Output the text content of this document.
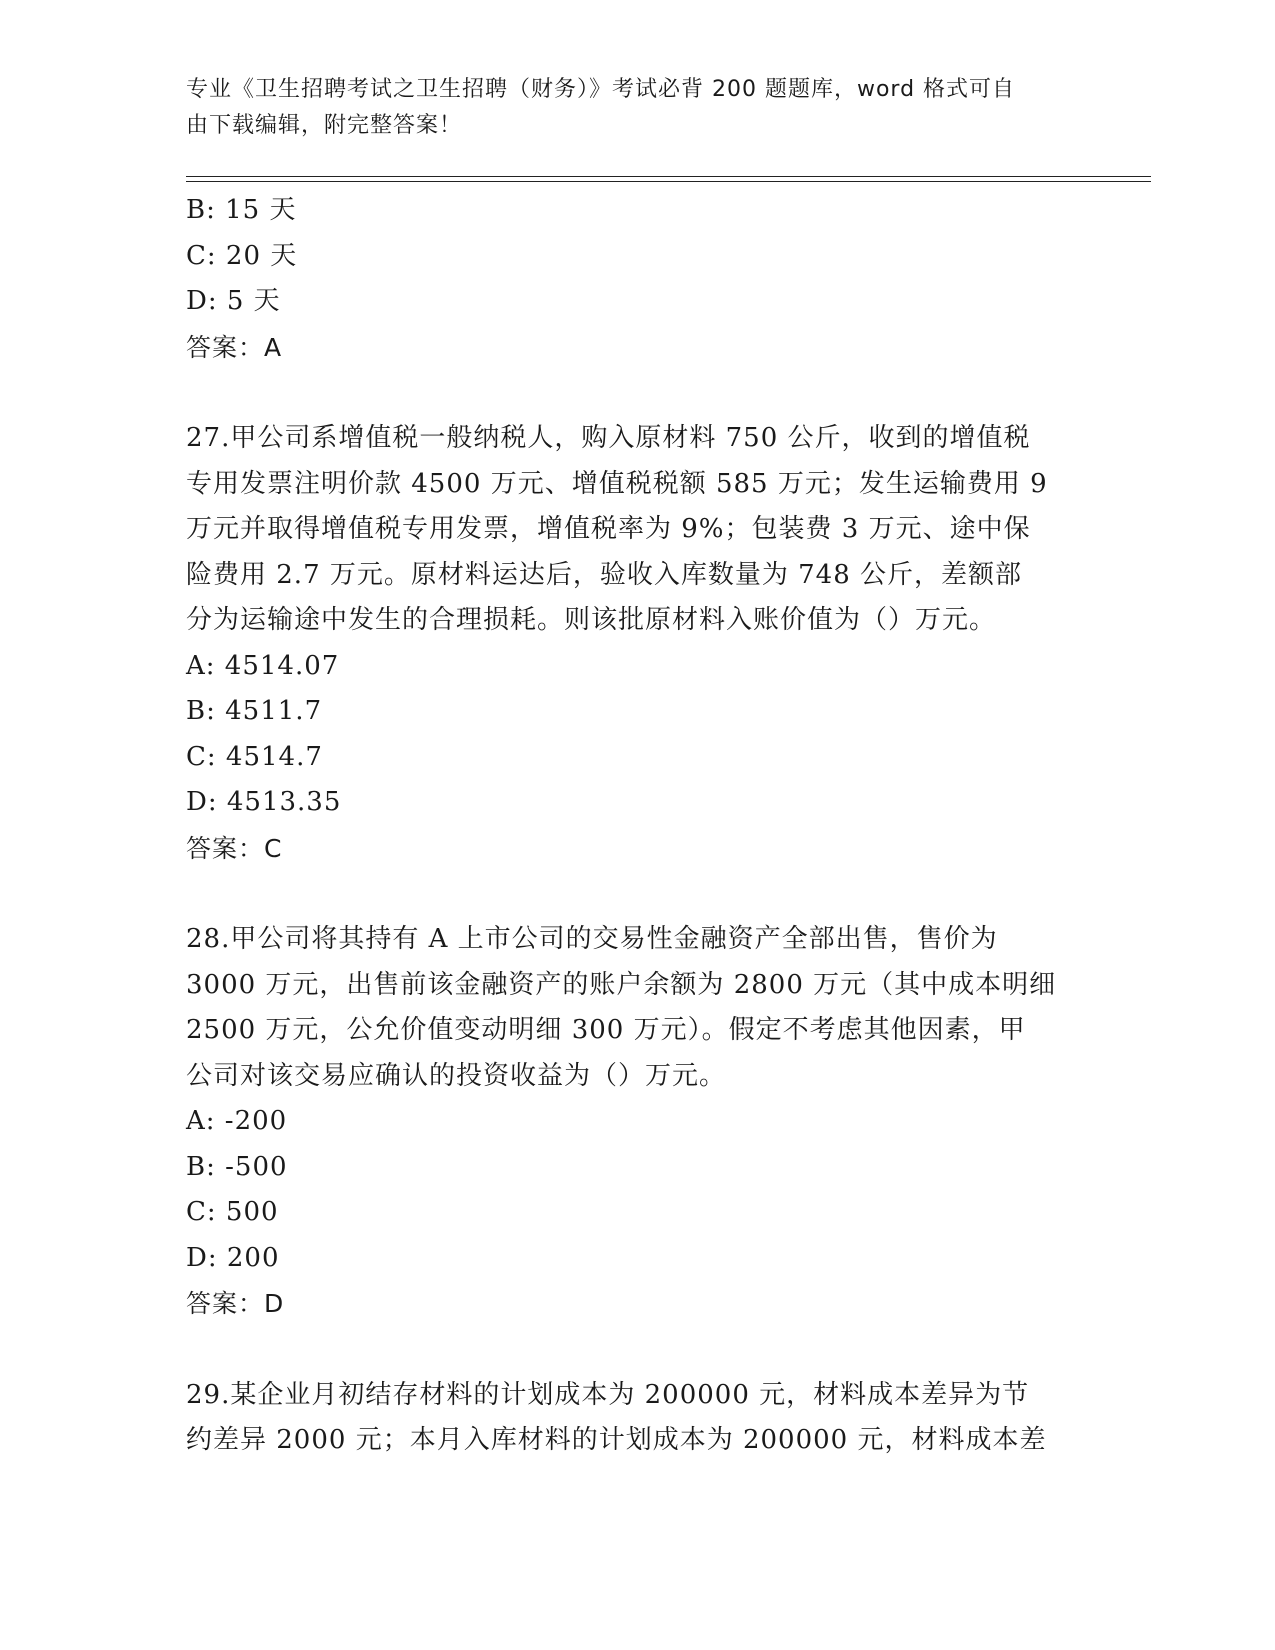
专业《卫生招聘考试之卫生招聘（财务）》考试必背 200 题题库，word 格式可自
由下载编辑，附完整答案！
B: 15 天
C: 20 天
D: 5 天
答案：A
27.甲公司系增值税一般纳税人，购入原材料 750 公斤，收到的增值税
专用发票注明价款 4500 万元、增值税税额 585 万元；发生运输费用 9
万元并取得增值税专用发票，增值税率为 9%；包装费 3 万元、途中保
险费用 2.7 万元。原材料运达后，验收入库数量为 748 公斤，差额部
分为运输途中发生的合理损耗。则该批原材料入账价值为（）万元。
A: 4514.07
B: 4511.7
C: 4514.7
D: 4513.35
答案：C
28.甲公司将其持有 A 上市公司的交易性金融资产全部出售，售价为
3000 万元，出售前该金融资产的账户余额为 2800 万元（其中成本明细
2500 万元，公允价值变动明细 300 万元）。假定不考虑其他因素，甲
公司对该交易应确认的投资收益为（）万元。
A: -200
B: -500
C: 500
D: 200
答案：D
29.某企业月初结存材料的计划成本为 200000 元，材料成本差异为节
约差异 2000 元；本月入库材料的计划成本为 200000 元，材料成本差
